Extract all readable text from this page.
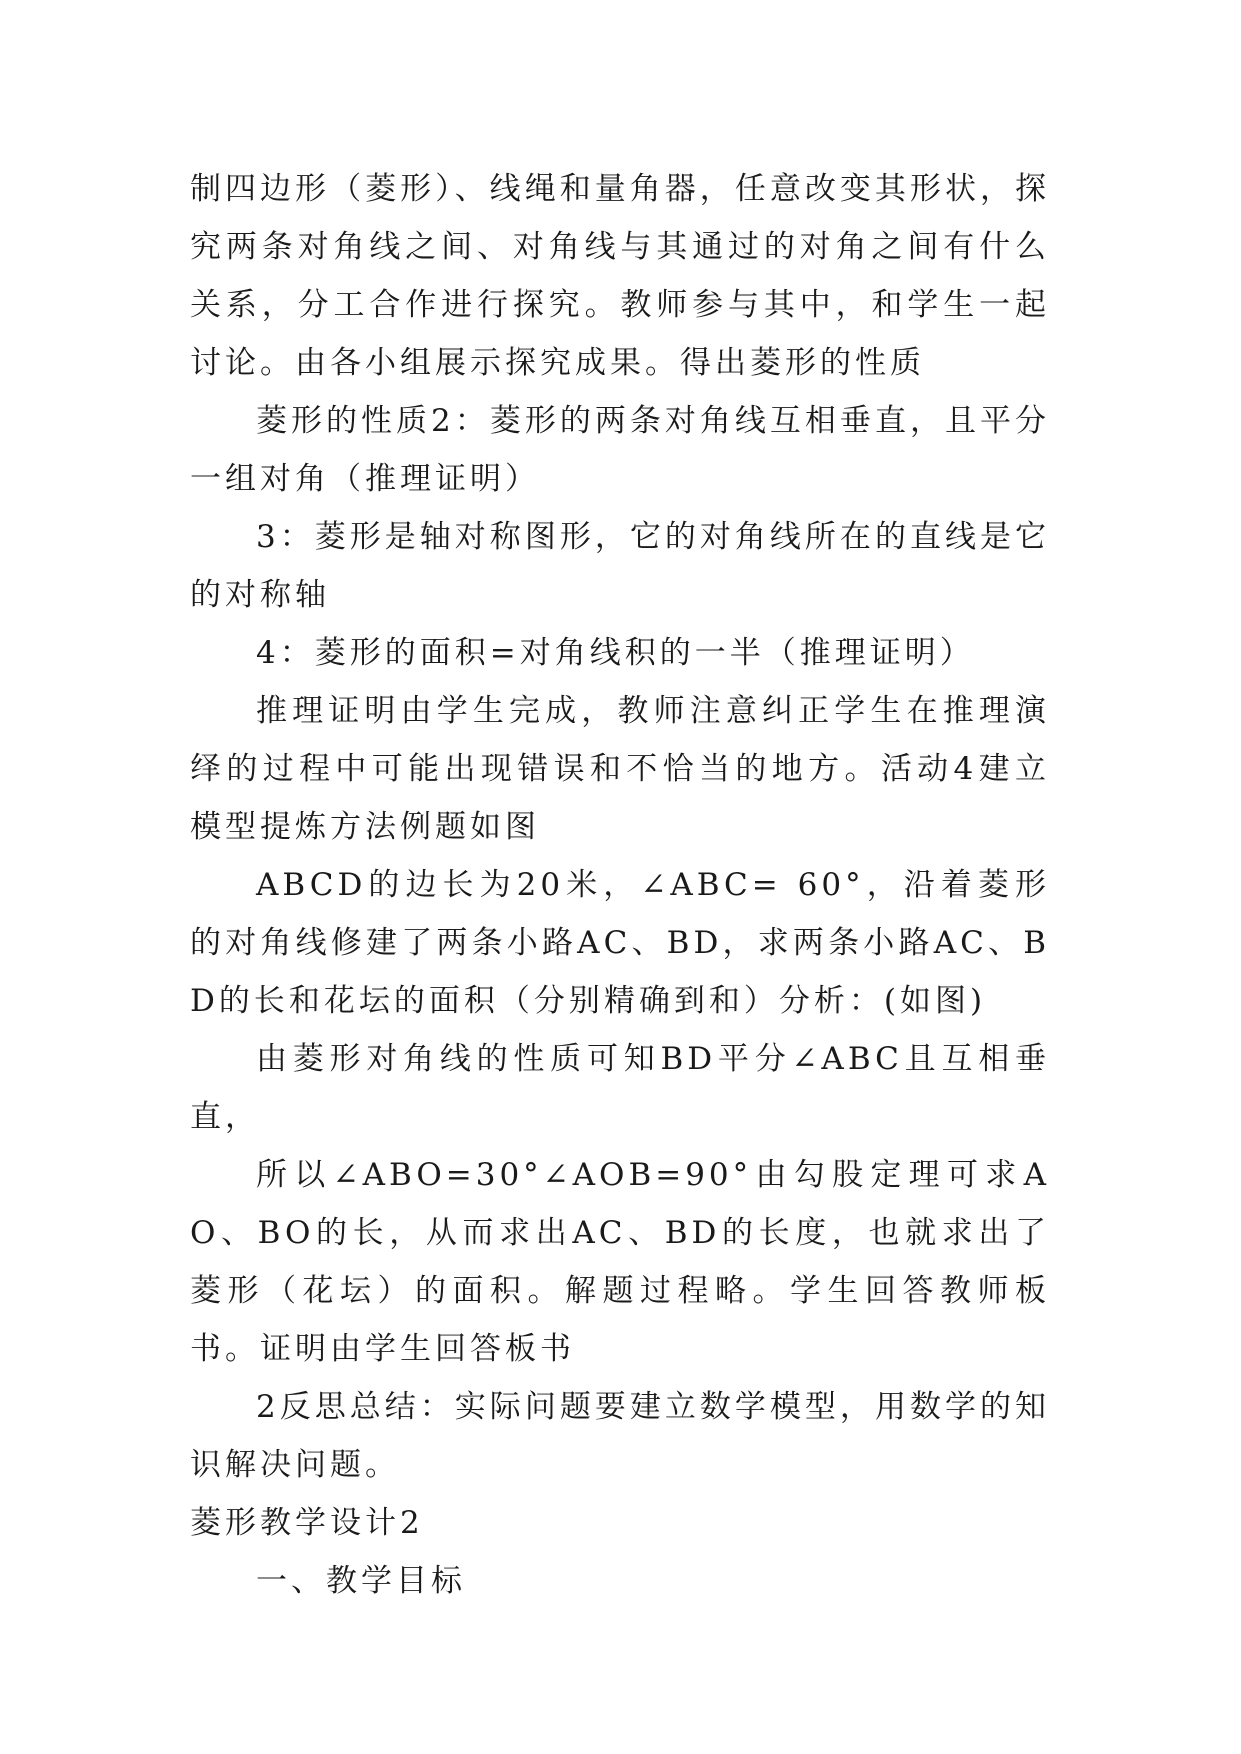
制四边形（菱形）、线绳和量角器，任意改变其形状，探究两条对角线之间、对角线与其通过的对角之间有什么关系，分工合作进行探究。教师参与其中，和学生一起讨论。由各小组展示探究成果。得出菱形的性质

菱形的性质2：菱形的两条对角线互相垂直，且平分一组对角（推理证明）

3：菱形是轴对称图形，它的对角线所在的直线是它的对称轴

4：菱形的面积=对角线积的一半（推理证明）

推理证明由学生完成，教师注意纠正学生在推理演绎的过程中可能出现错误和不恰当的地方。活动4建立模型提炼方法例题如图

ABCD的边长为20米，∠ABC= 60°，沿着菱形的对角线修建了两条小路AC、BD，求两条小路AC、BD的长和花坛的面积（分别精确到和）分析：(如图)

由菱形对角线的性质可知BD平分∠ABC且互相垂直，

所以∠ABO=30°∠AOB=90°由勾股定理可求AO、BO的长，从而求出AC、BD的长度，也就求出了菱形（花坛）的面积。解题过程略。学生回答教师板书。证明由学生回答板书

2反思总结：实际问题要建立数学模型，用数学的知识解决问题。

菱形教学设计2

一、教学目标
